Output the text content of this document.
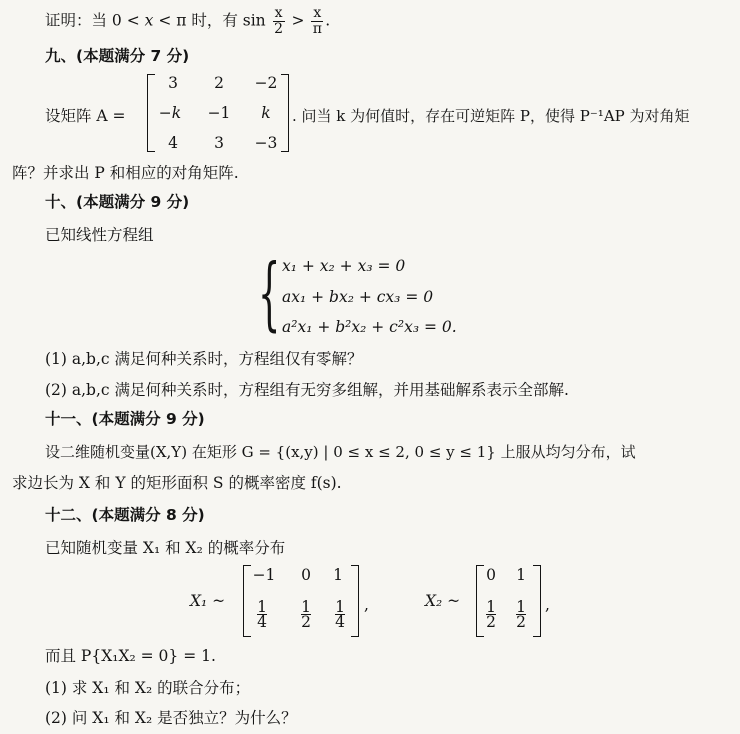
证明：当 0 < x < π 时，有 $\sin \frac{x}{2} > \frac{x}{\pi}$ .
九、(本题满分 7 分)
设矩阵 A =
3	2	−2
−k	−1	k
4	3	−3
. 问当 k 为何值时，存在可逆矩阵 P，使得 P⁻¹AP 为对角矩
阵？并求出 P 和相应的对角矩阵.
十、(本题满分 9 分)
已知线性方程组
{ x₁ + x₂ + x₃ = 0
ax₁ + bx₂ + cx₃ = 0
a²x₁ + b²x₂ + c²x₃ = 0.
(1) a,b,c 满足何种关系时，方程组仅有零解？
(2) a,b,c 满足何种关系时，方程组有无穷多组解，并用基础解系表示全部解.
十一、(本题满分 9 分)
设二维随机变量(X,Y) 在矩形 G = {(x,y) | 0 ≤ x ≤ 2, 0 ≤ y ≤ 1} 上服从均匀分布，试
求边长为 X 和 Y 的矩形面积 S 的概率密度 f(s).
十二、(本题满分 8 分)
已知随机变量 X₁ 和 X₂ 的概率分布
X₁ ~
−1	0	1
$\frac{1}{4} \frac{1}{2} \frac{1}{4}$ ,	X₂ ~
0	1
$\frac{1}{2} \frac{1}{2}$ ,
而且 P{X₁X₂ = 0} = 1.
(1) 求 X₁ 和 X₂ 的联合分布；
(2) 问 X₁ 和 X₂ 是否独立？为什么？
